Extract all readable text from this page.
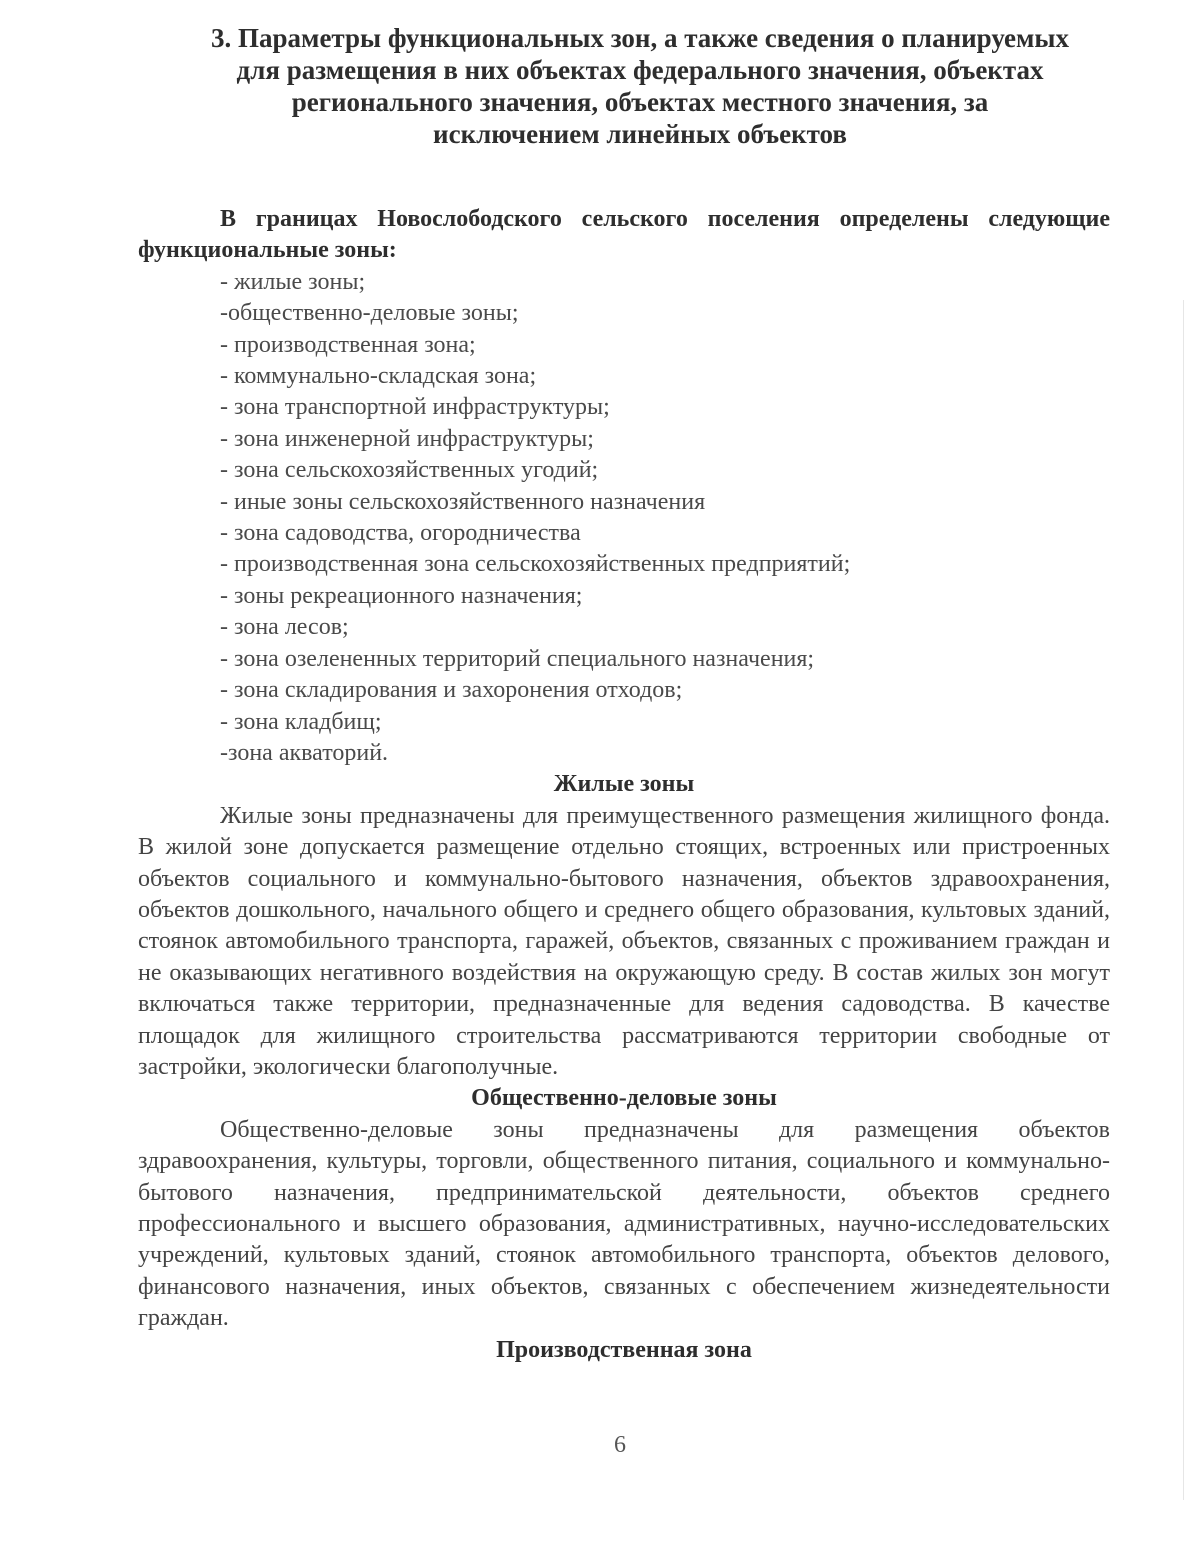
3. Параметры функциональных зон, а также сведения о планируемых
для размещения в них объектах федерального значения, объектах
регионального значения, объектах местного значения, за
исключением линейных объектов

В границах Новослободского сельского поселения определены следующие функциональные зоны:

- жилые зоны;
-общественно-деловые зоны;
- производственная зона;
- коммунально-складская зона;
- зона транспортной инфраструктуры;
- зона инженерной инфраструктуры;
- зона сельскохозяйственных угодий;
- иные зоны сельскохозяйственного назначения
- зона садоводства, огородничества
- производственная зона сельскохозяйственных предприятий;
- зоны рекреационного назначения;
- зона лесов;
- зона озелененных территорий специального назначения;
- зона складирования и захоронения отходов;
- зона кладбищ;
-зона акваторий.

Жилые зоны

Жилые зоны предназначены для преимущественного размещения жилищного фонда. В жилой зоне допускается размещение отдельно стоящих, встроенных или пристроенных объектов социального и коммунально-бытового назначения, объектов здравоохранения, объектов дошкольного, начального общего и среднего общего образования, культовых зданий, стоянок автомобильного транспорта, гаражей, объектов, связанных с проживанием граждан и не оказывающих негативного воздействия на окружающую среду. В состав жилых зон могут включаться также территории, предназначенные для ведения садоводства. В качестве площадок для жилищного строительства рассматриваются территории свободные от застройки, экологически благополучные.

Общественно-деловые зоны

Общественно-деловые зоны предназначены для размещения объектов здравоохранения, культуры, торговли, общественного питания, социального и коммунально-бытового назначения, предпринимательской деятельности, объектов среднего профессионального и высшего образования, административных, научно-исследовательских учреждений, культовых зданий, стоянок автомобильного транспорта, объектов делового, финансового назначения, иных объектов, связанных с обеспечением жизнедеятельности граждан.

Производственная зона

6
